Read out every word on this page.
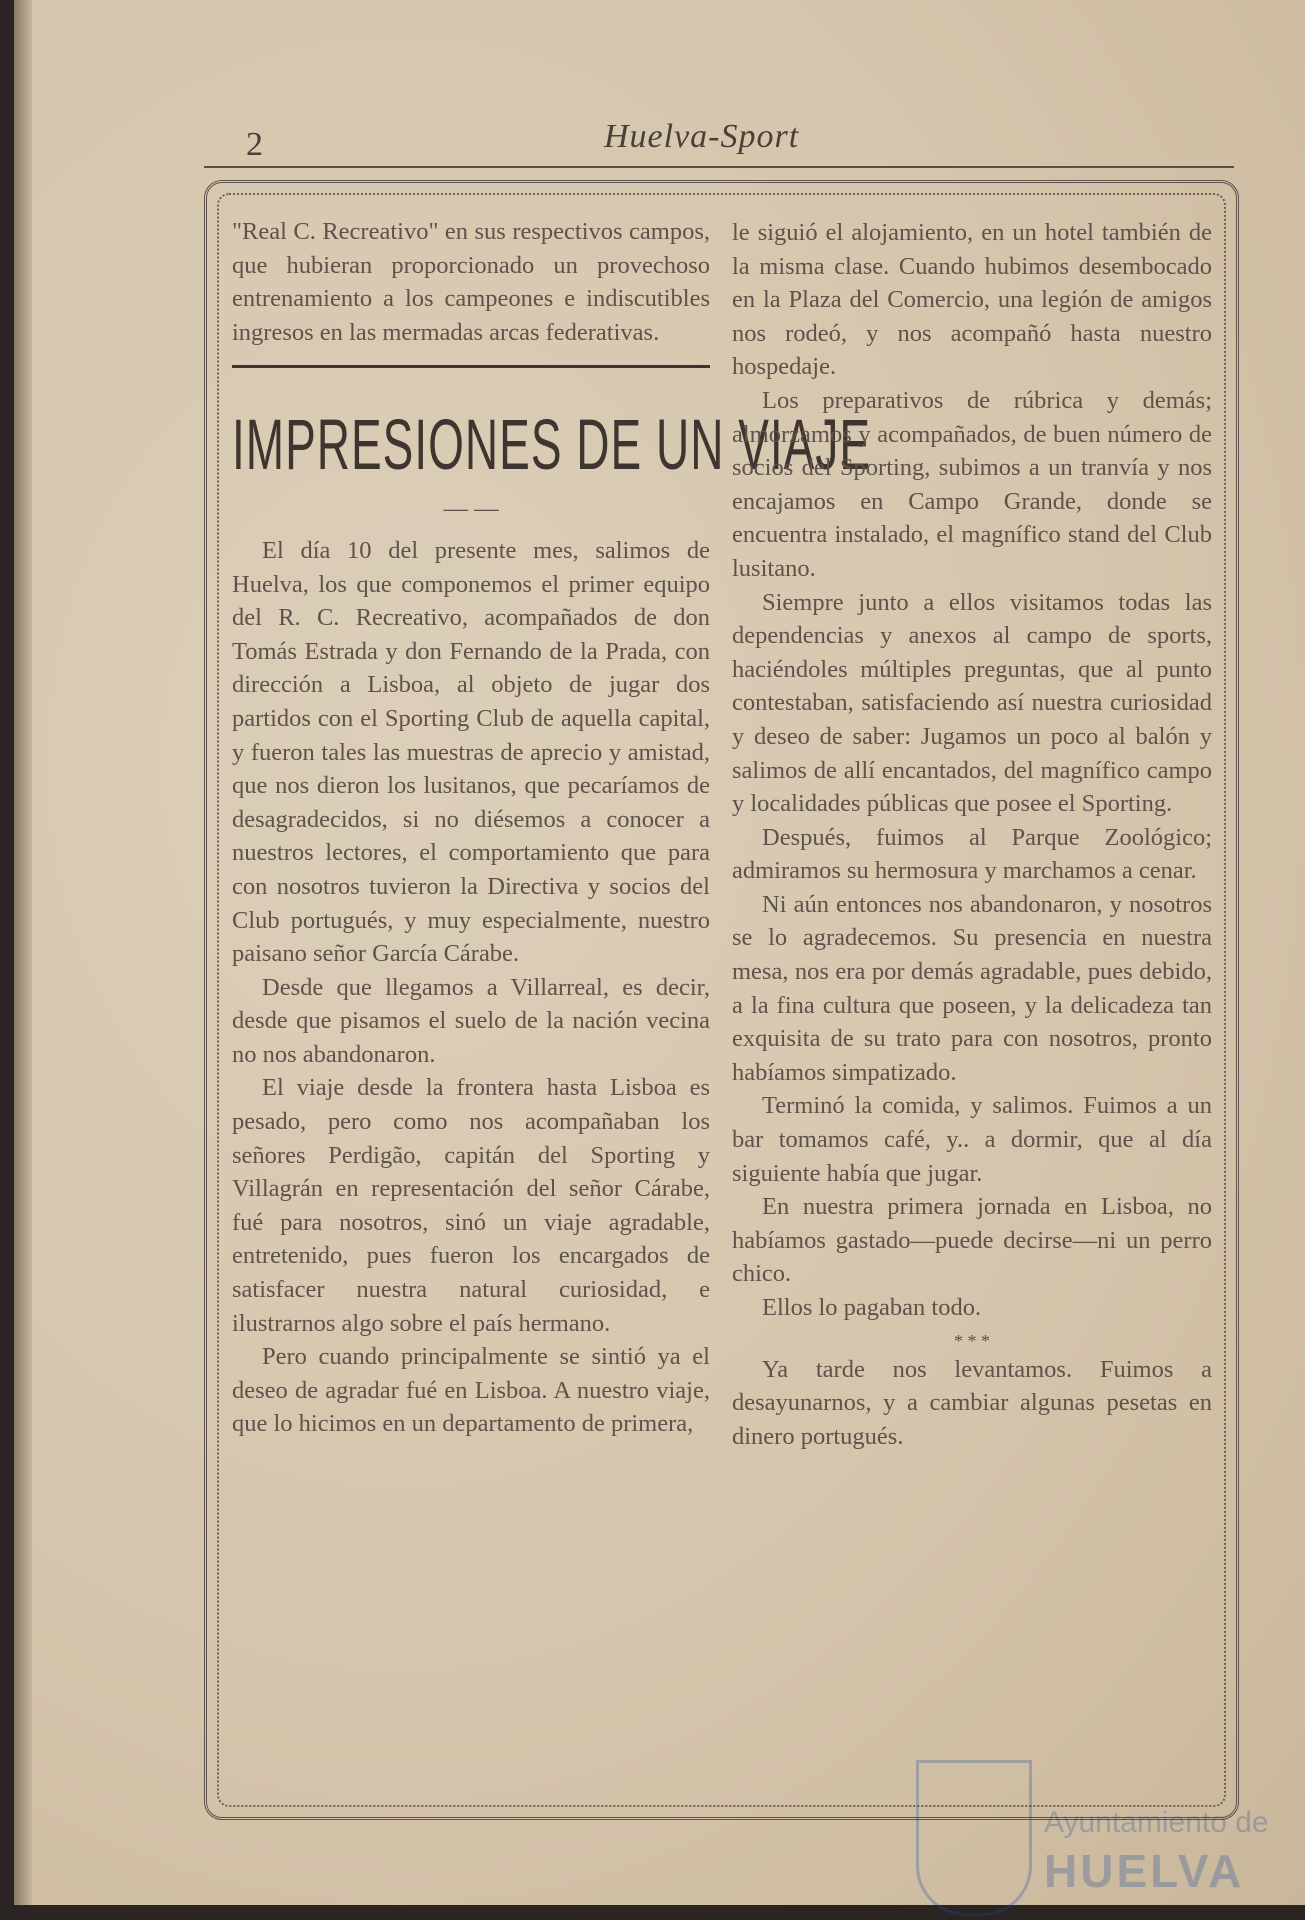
2	Huelva-Sport

"Real C. Recreativo" en sus respectivos campos, que hubieran proporcionado un provechoso entrenamiento a los campeones e indiscutibles ingresos en las mermadas arcas federativas.

IMPRESIONES DE UN VIAJE
— —

El día 10 del presente mes, salimos de Huelva, los que componemos el primer equipo del R. C. Recreativo, acompañados de don Tomás Estrada y don Fernando de la Prada, con dirección a Lisboa, al objeto de jugar dos partidos con el Sporting Club de aquella capital, y fueron tales las muestras de aprecio y amistad, que nos dieron los lusitanos, que pecaríamos de desagradecidos, si no diésemos a conocer a nuestros lectores, el comportamiento que para con nosotros tuvieron la Directiva y socios del Club portugués, y muy especialmente, nuestro paisano señor García Cárabe.

Desde que llegamos a Villarreal, es decir, desde que pisamos el suelo de la nación vecina no nos abandonaron.

El viaje desde la frontera hasta Lisboa es pesado, pero como nos acompañaban los señores Perdigão, capitán del Sporting y Villagrán en representación del señor Cárabe, fué para nosotros, sinó un viaje agradable, entretenido, pues fueron los encargados de satisfacer nuestra natural curiosidad, e ilustrarnos algo sobre el país hermano.

Pero cuando principalmente se sintió ya el deseo de agradar fué en Lisboa. A nuestro viaje, que lo hicimos en un departamento de primera,

le siguió el alojamiento, en un hotel también de la misma clase. Cuando hubimos desembocado en la Plaza del Comercio, una legión de amigos nos rodeó, y nos acompañó hasta nuestro hospedaje.

Los preparativos de rúbrica y demás; almorzamos y acompañados, de buen número de socios del Sporting, subimos a un tranvía y nos encajamos en Campo Grande, donde se encuentra instalado, el magnífico stand del Club lusitano.

Siempre junto a ellos visitamos todas las dependencias y anexos al campo de sports, haciéndoles múltiples preguntas, que al punto contestaban, satisfaciendo así nuestra curiosidad y deseo de saber: Jugamos un poco al balón y salimos de allí encantados, del magnífico campo y localidades públicas que posee el Sporting.

Después, fuimos al Parque Zoológico; admiramos su hermosura y marchamos a cenar.

Ni aún entonces nos abandonaron, y nosotros se lo agradecemos. Su presencia en nuestra mesa, nos era por demás agradable, pues debido, a la fina cultura que poseen, y la delicadeza tan exquisita de su trato para con nosotros, pronto habíamos simpatizado.

Terminó la comida, y salimos. Fuimos a un bar tomamos café, y.. a dormir, que al día siguiente había que jugar.

En nuestra primera jornada en Lisboa, no habíamos gastado—puede decirse—ni un perro chico.

Ellos lo pagaban todo.

* * *

Ya tarde nos levantamos. Fuimos a desayunarnos, y a cambiar algunas pesetas en dinero portugués.

Ayuntamiento de
HUELVA
